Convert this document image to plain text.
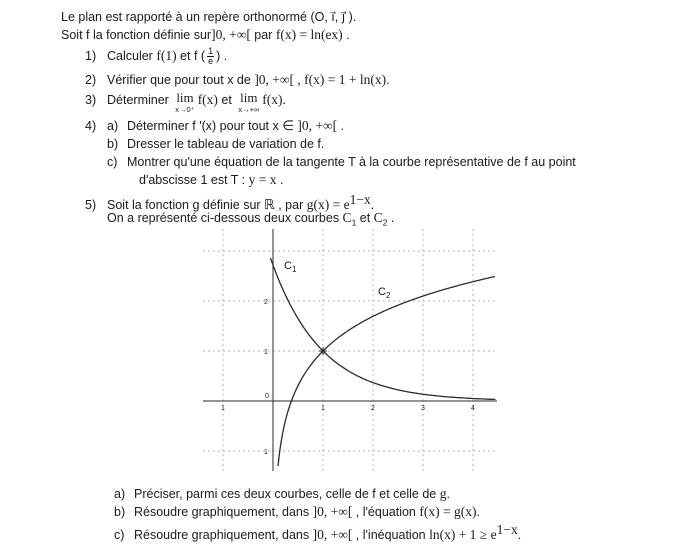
Le plan est rapporté à un repère orthonormé (O, i⃗, j⃗ ).
Soit f la fonction définie sur]0, +∞[ par f(x) = ln(ex) .
1) Calculer f(1) et f ( $\frac{1}{e}$ ) .
2) Vérifier que pour tout x de ]0, +∞[ , f(x) = 1 + ln(x).
3) Déterminer lim
x→0⁺
f(x) et lim
x→+∞
f(x).
4) a) Déterminer f '(x) pour tout x ∈ ]0, +∞[ .
b) Dresser le tableau de variation de f.
c) Montrer qu'une équation de la tangente T à la courbe représentative de f au point
d'abscisse 1 est T : y = x .
5) Soit la fonction g définie sur ℝ , par $g(x) = e^{1-x}$.
On a représenté ci-dessous deux courbes $C_1$ et $C_2$ .
$C_1$
$C_2$
0
1	1	2	3	4
1
1
2
a) Préciser, parmi ces deux courbes, celle de f et celle de g.
b) Résoudre graphiquement, dans ]0, +∞[ , l'équation f(x) = g(x).
c) Résoudre graphiquement, dans ]0, +∞[ , l'inéquation $\ln(x) + 1 \ge e^{1-x}$.
